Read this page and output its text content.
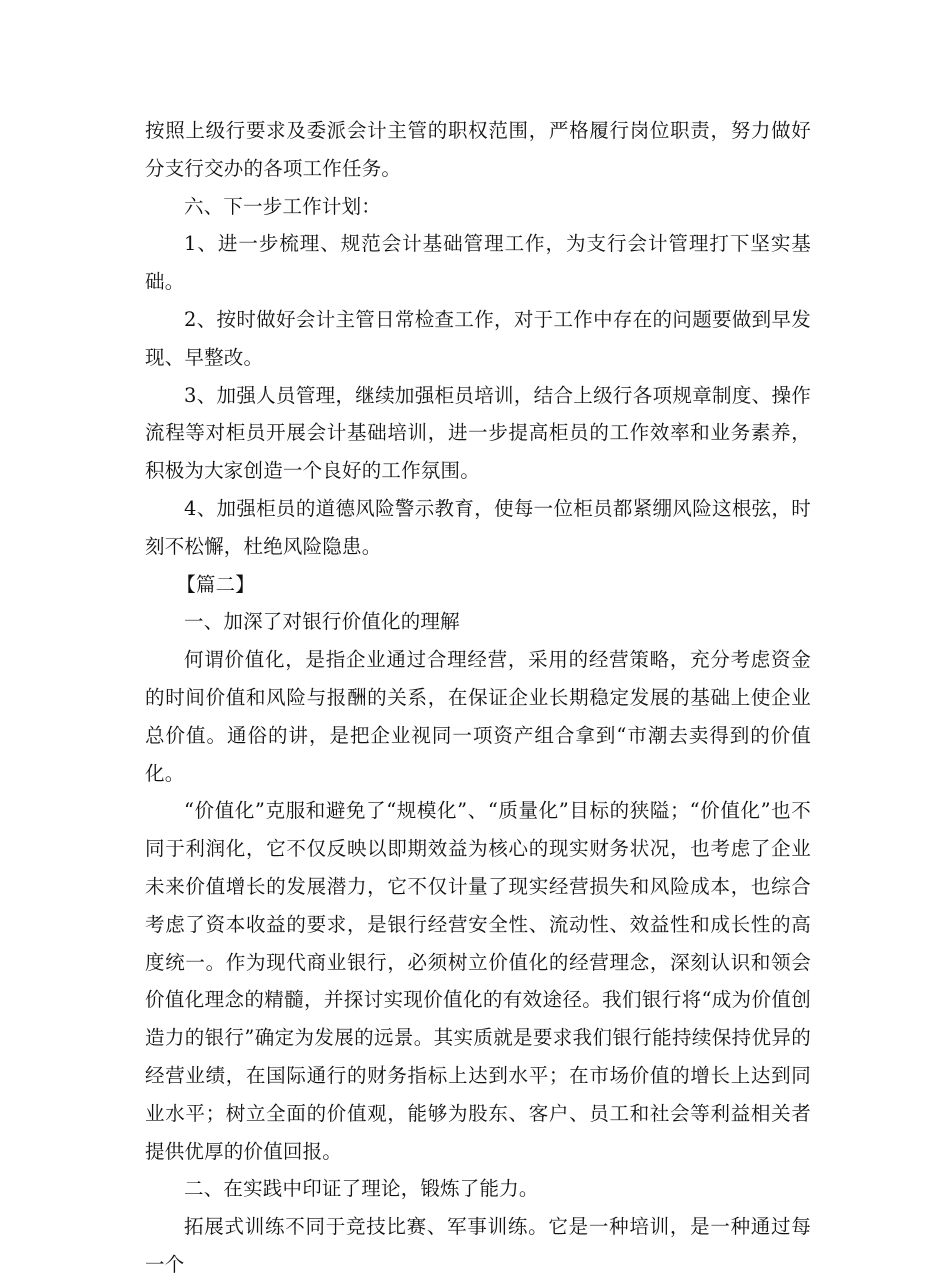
按照上级行要求及委派会计主管的职权范围，严格履行岗位职责，努力做好分支行交办的各项工作任务。

六、下一步工作计划：

1、进一步梳理、规范会计基础管理工作，为支行会计管理打下坚实基础。

2、按时做好会计主管日常检查工作，对于工作中存在的问题要做到早发现、早整改。

3、加强人员管理，继续加强柜员培训，结合上级行各项规章制度、操作流程等对柜员开展会计基础培训，进一步提高柜员的工作效率和业务素养，积极为大家创造一个良好的工作氛围。

4、加强柜员的道德风险警示教育，使每一位柜员都紧绷风险这根弦，时刻不松懈，杜绝风险隐患。

【篇二】

一、加深了对银行价值化的理解

何谓价值化，是指企业通过合理经营，采用的经营策略，充分考虑资金的时间价值和风险与报酬的关系，在保证企业长期稳定发展的基础上使企业总价值。通俗的讲，是把企业视同一项资产组合拿到“市潮去卖得到的价值化。

“价值化”克服和避免了“规模化”、“质量化”目标的狭隘；“价值化”也不同于利润化，它不仅反映以即期效益为核心的现实财务状况，也考虑了企业未来价值增长的发展潜力，它不仅计量了现实经营损失和风险成本，也综合考虑了资本收益的要求，是银行经营安全性、流动性、效益性和成长性的高度统一。作为现代商业银行，必须树立价值化的经营理念，深刻认识和领会价值化理念的精髓，并探讨实现价值化的有效途径。我们银行将“成为价值创造力的银行”确定为发展的远景。其实质就是要求我们银行能持续保持优异的经营业绩，在国际通行的财务指标上达到水平；在市场价值的增长上达到同业水平；树立全面的价值观，能够为股东、客户、员工和社会等利益相关者提供优厚的价值回报。

二、在实践中印证了理论，锻炼了能力。

拓展式训练不同于竞技比赛、军事训练。它是一种培训，是一种通过每一个
